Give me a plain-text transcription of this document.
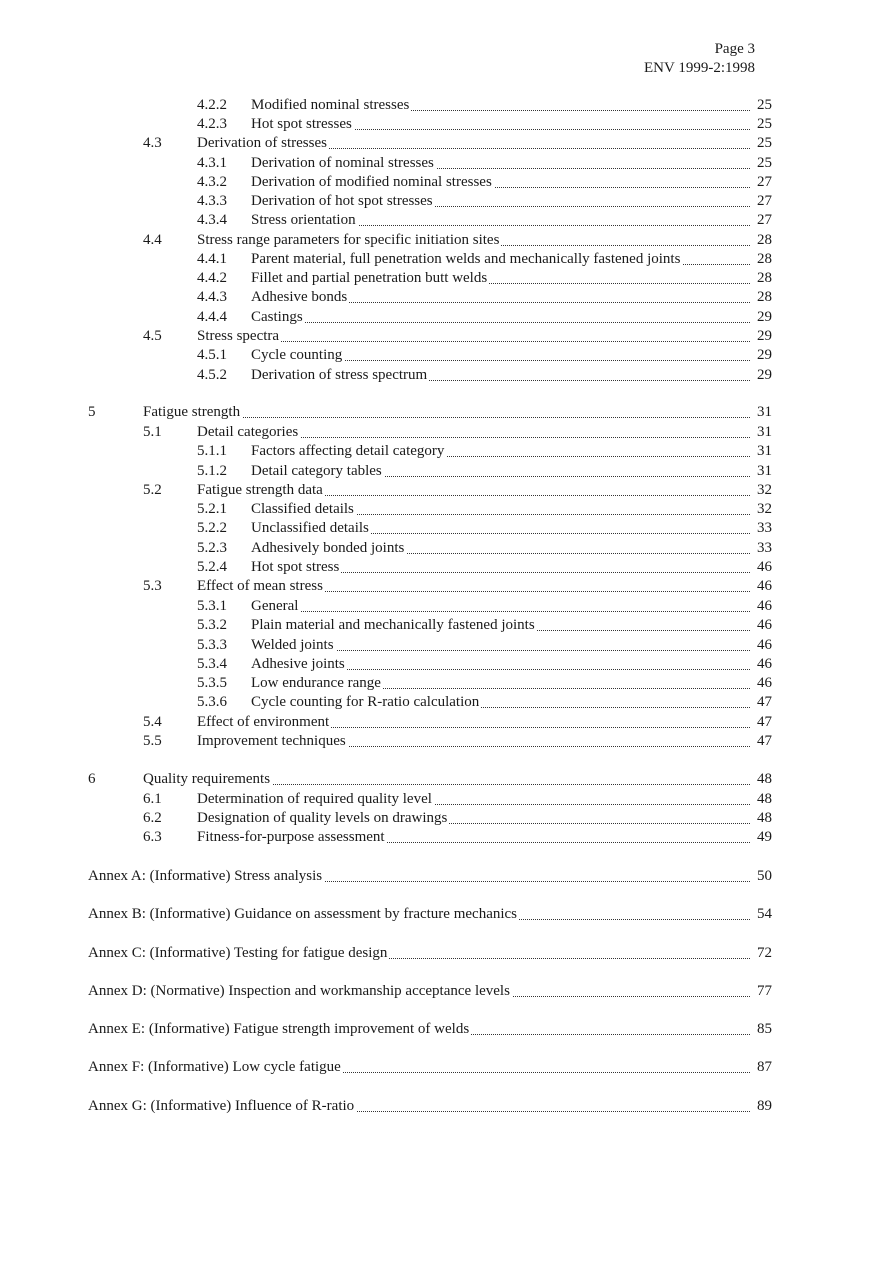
Page 3
ENV 1999-2:1998
4.2.2 Modified nominal stresses	25
4.2.3 Hot spot stresses	25
4.3 Derivation of stresses	25
4.3.1 Derivation of nominal stresses	25
4.3.2 Derivation of modified nominal stresses	27
4.3.3 Derivation of hot spot stresses	27
4.3.4 Stress orientation	27
4.4 Stress range parameters for specific initiation sites	28
4.4.1 Parent material, full penetration welds and mechanically fastened joints	28
4.4.2 Fillet and partial penetration butt welds	28
4.4.3 Adhesive bonds	28
4.4.4 Castings	29
4.5 Stress spectra	29
4.5.1 Cycle counting	29
4.5.2 Derivation of stress spectrum	29
5	Fatigue strength	31
5.1 Detail categories	31
5.1.1 Factors affecting detail category	31
5.1.2 Detail category tables	31
5.2 Fatigue strength data	32
5.2.1 Classified details	32
5.2.2 Unclassified details	33
5.2.3 Adhesively bonded joints	33
5.2.4 Hot spot stress	46
5.3 Effect of mean stress	46
5.3.1 General	46
5.3.2 Plain material and mechanically fastened joints	46
5.3.3 Welded joints	46
5.3.4 Adhesive joints	46
5.3.5 Low endurance range	46
5.3.6 Cycle counting for R-ratio calculation	47
5.4 Effect of environment	47
5.5 Improvement techniques	47
6	Quality requirements	48
6.1 Determination of required quality level	48
6.2 Designation of quality levels on drawings	48
6.3 Fitness-for-purpose assessment	49
Annex A: (Informative) Stress analysis	50
Annex B: (Informative) Guidance on assessment by fracture mechanics	54
Annex C: (Informative) Testing for fatigue design	72
Annex D: (Normative) Inspection and workmanship acceptance levels	77
Annex E: (Informative) Fatigue strength improvement of welds	85
Annex F: (Informative) Low cycle fatigue	87
Annex G: (Informative) Influence of R-ratio	89
